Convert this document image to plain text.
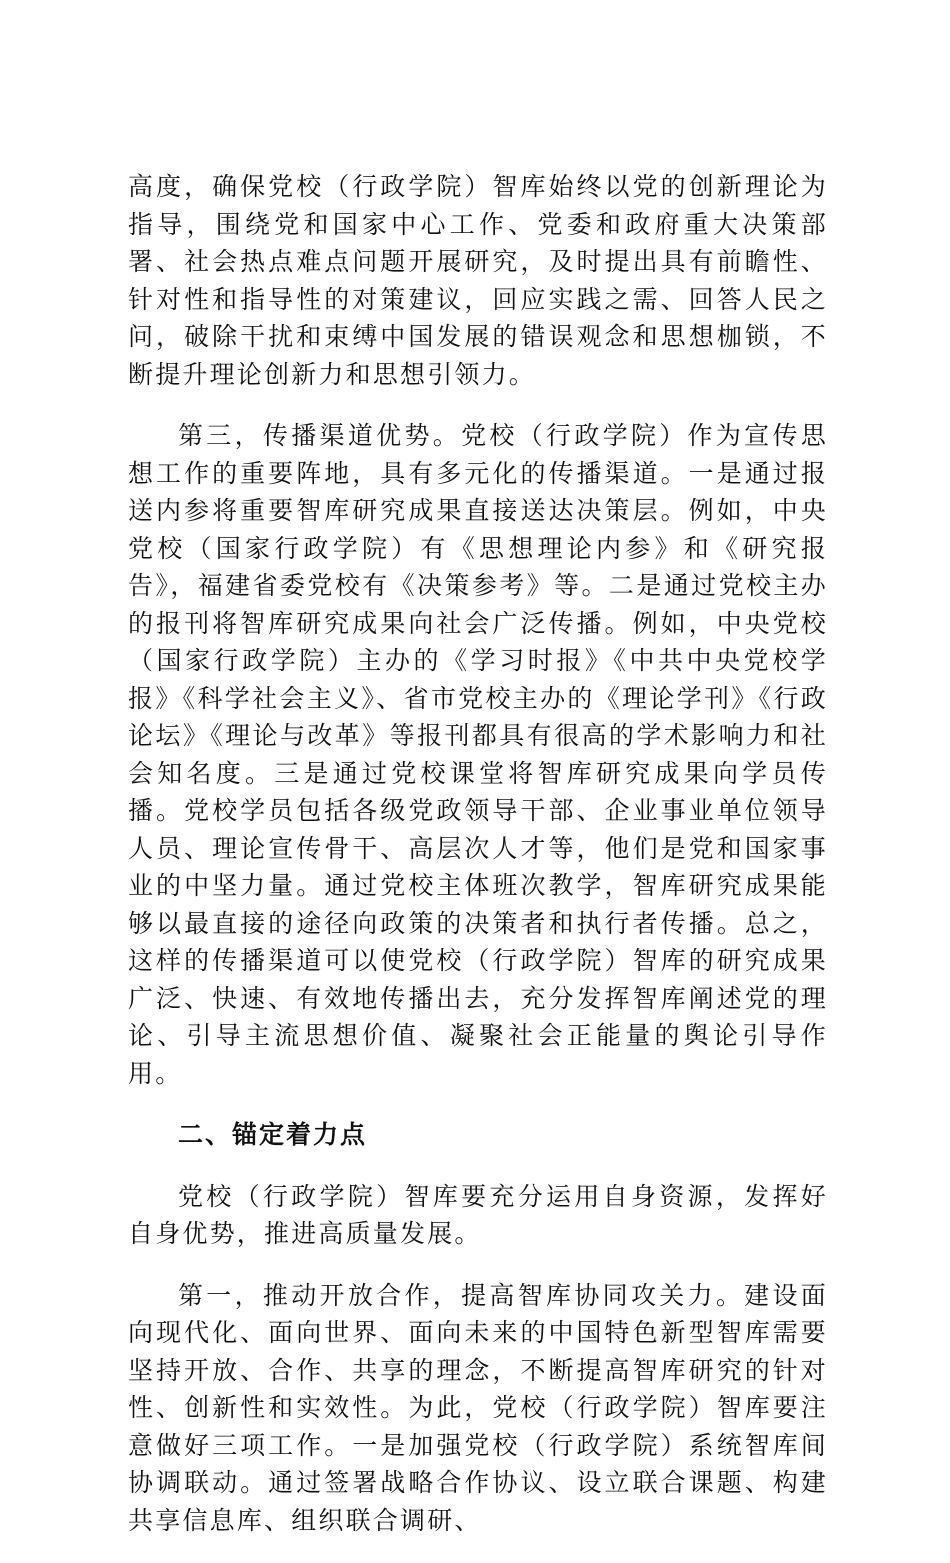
高度，确保党校（行政学院）智库始终以党的创新理论为指导，围绕党和国家中心工作、党委和政府重大决策部署、社会热点难点问题开展研究，及时提出具有前瞻性、针对性和指导性的对策建议，回应实践之需、回答人民之问，破除干扰和束缚中国发展的错误观念和思想枷锁，不断提升理论创新力和思想引领力。

第三，传播渠道优势。党校（行政学院）作为宣传思想工作的重要阵地，具有多元化的传播渠道。一是通过报送内参将重要智库研究成果直接送达决策层。例如，中央党校（国家行政学院）有《思想理论内参》和《研究报告》，福建省委党校有《决策参考》等。二是通过党校主办的报刊将智库研究成果向社会广泛传播。例如，中央党校（国家行政学院）主办的《学习时报》《中共中央党校学报》《科学社会主义》、省市党校主办的《理论学刊》《行政论坛》《理论与改革》等报刊都具有很高的学术影响力和社会知名度。三是通过党校课堂将智库研究成果向学员传播。党校学员包括各级党政领导干部、企业事业单位领导人员、理论宣传骨干、高层次人才等，他们是党和国家事业的中坚力量。通过党校主体班次教学，智库研究成果能够以最直接的途径向政策的决策者和执行者传播。总之，这样的传播渠道可以使党校（行政学院）智库的研究成果广泛、快速、有效地传播出去，充分发挥智库阐述党的理论、引导主流思想价值、凝聚社会正能量的舆论引导作用。

二、锚定着力点

党校（行政学院）智库要充分运用自身资源，发挥好自身优势，推进高质量发展。

第一，推动开放合作，提高智库协同攻关力。建设面向现代化、面向世界、面向未来的中国特色新型智库需要坚持开放、合作、共享的理念，不断提高智库研究的针对性、创新性和实效性。为此，党校（行政学院）智库要注意做好三项工作。一是加强党校（行政学院）系统智库间协调联动。通过签署战略合作协议、设立联合课题、构建共享信息库、组织联合调研、
